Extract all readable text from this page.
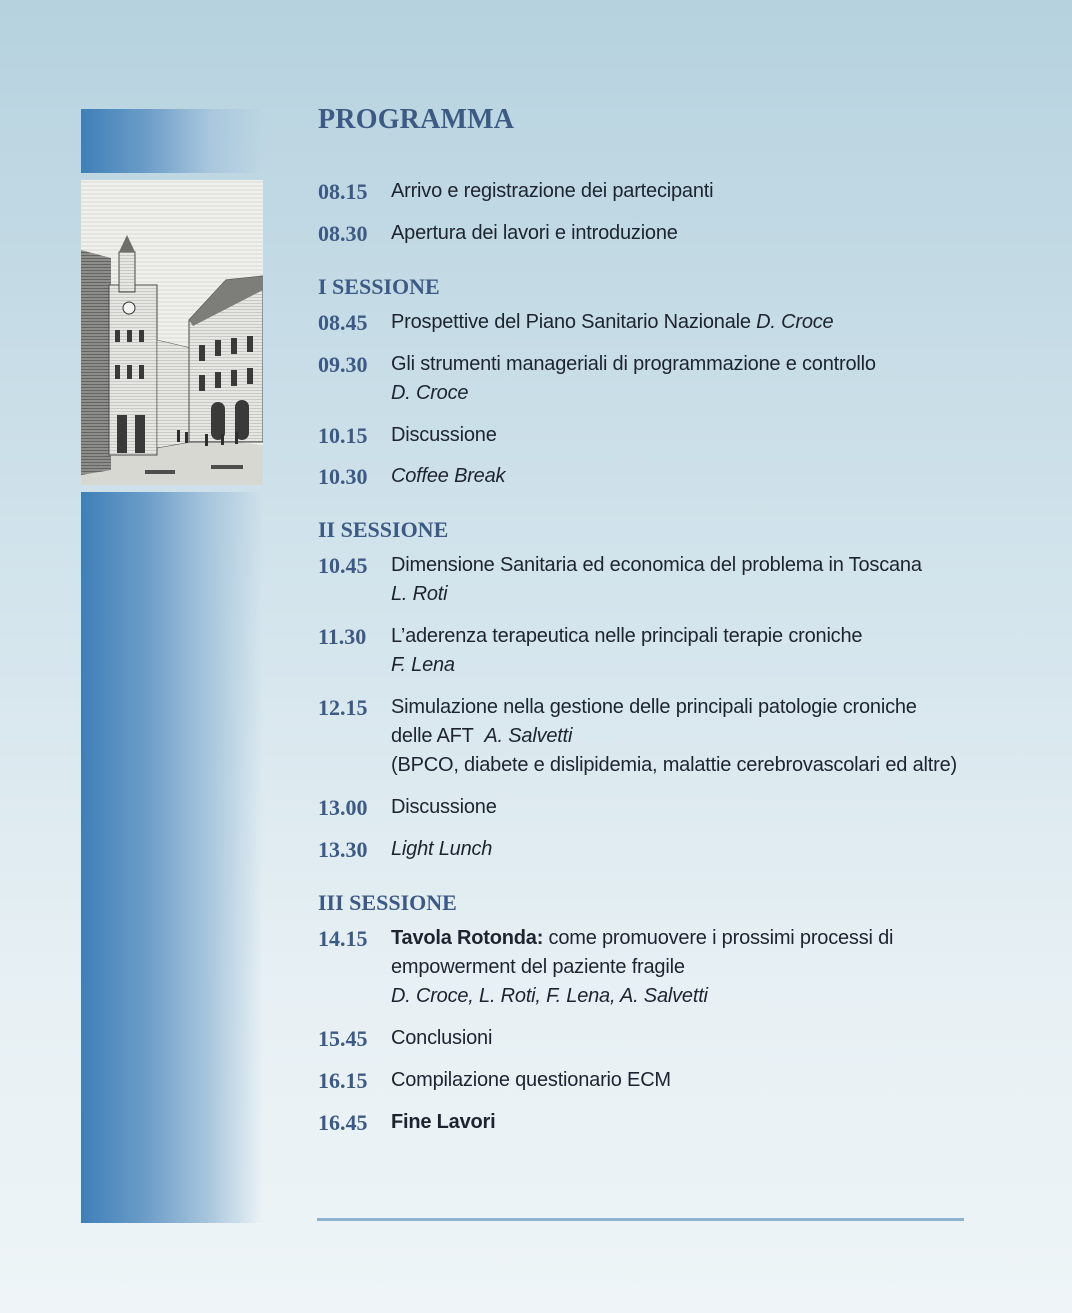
PROGRAMMA
08.15	Arrivo e registrazione dei partecipanti
08.30	Apertura dei lavori e introduzione
I SESSIONE
08.45	Prospettive del Piano Sanitario Nazionale D. Croce
09.30	Gli strumenti manageriali di programmazione e controllo
D. Croce
10.15	Discussione
10.30	Coffee Break
II SESSIONE
10.45	Dimensione Sanitaria ed economica del problema in Toscana
L. Roti
11.30	L’aderenza terapeutica nelle principali terapie croniche
F. Lena
12.15	Simulazione nella gestione delle principali patologie croniche
delle AFT A. Salvetti
(BPCO, diabete e dislipidemia, malattie cerebrovascolari ed altre)
13.00	Discussione
13.30	Light Lunch
III SESSIONE
14.15	Tavola Rotonda: come promuovere i prossimi processi di
empowerment del paziente fragile
D. Croce, L. Roti, F. Lena, A. Salvetti
15.45	Conclusioni
16.15	Compilazione questionario ECM
16.45	Fine Lavori
